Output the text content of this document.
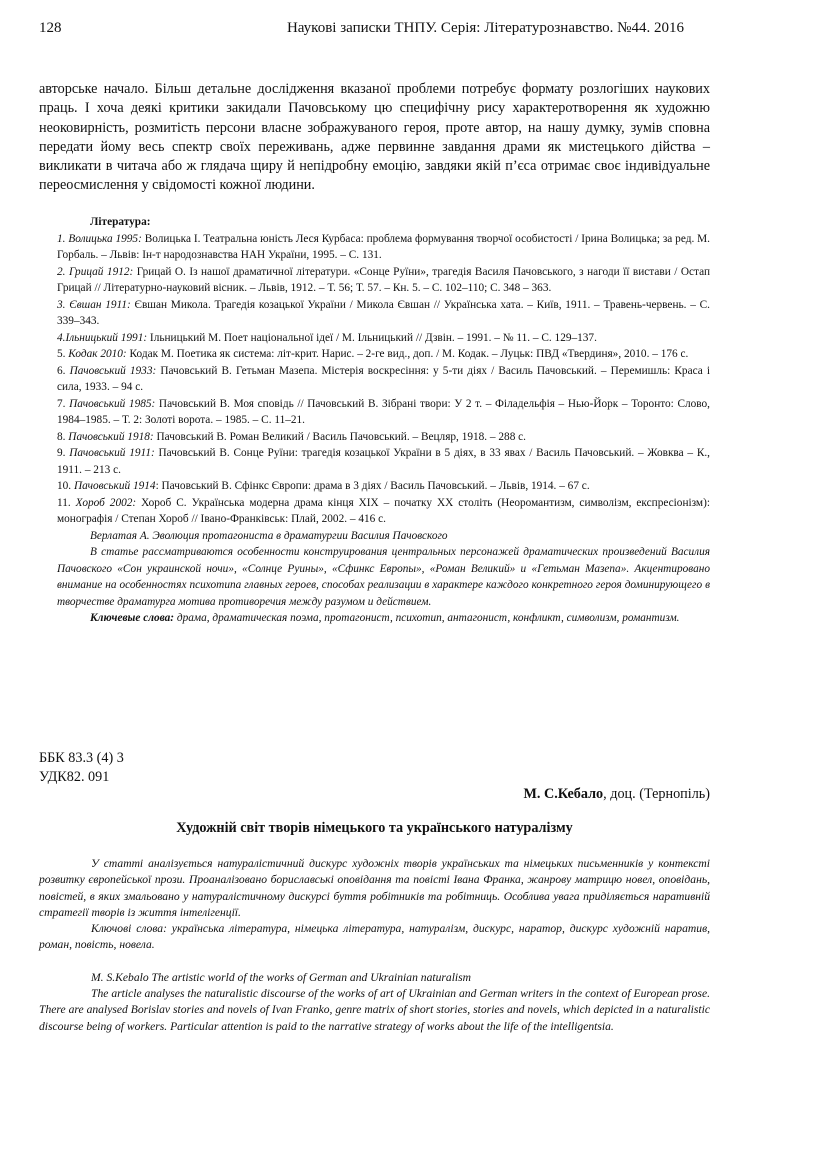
128	Наукові записки ТНПУ. Серія: Літературознавство. №44. 2016

авторське начало. Більш детальне дослідження вказаної проблеми потребує формату розлогіших наукових праць. І хоча деякі критики закидали Пачовському цю специфічну рису характеротворення як художню неоковирність, розмитість персони власне зображуваного героя, проте автор, на нашу думку, зумів сповна передати йому весь спектр своїх переживань, адже первинне завдання драми як мистецького дійства – викликати в читача або ж глядача щиру й непідробну емоцію, завдяки якій п’єса отримає своє індивідуальне переосмислення у свідомості кожної людини.

Література:

1. Волицька 1995: Волицька І. Театральна юність Леся Курбаса: проблема формування творчої особистості / Ірина Волицька; за ред. М. Горбаль. – Львів: Ін-т народознавства НАН України, 1995. – С. 131.

2. Грицай 1912: Грицай О. Із нашої драматичної літератури. «Сонце Руїни», трагедія Василя Пачовського, з нагоди її вистави / Остап Грицай // Літературно-науковий вісник. – Львів, 1912. – Т. 56; Т. 57. – Кн. 5. – С. 102–110; С. 348 – 363.

3. Євшан 1911: Євшан Микола. Трагедія козацької України / Микола Євшан // Українська хата. – Київ, 1911. – Травень-червень. – С. 339–343.

4.Ільницький 1991: Ільницький М. Поет національної ідеї / М. Ільницький // Дзвін. – 1991. – № 11. – С. 129–137.

5. Кодак 2010: Кодак М. Поетика як система: літ-крит. Нарис. – 2-ге вид., доп. / М. Кодак. – Луцьк: ПВД «Твердиня», 2010. – 176 с.

6. Пачовський 1933: Пачовський В. Гетьман Мазепа. Містерія воскресіння: у 5-ти діях / Василь Пачовський. – Перемишль: Краса і сила, 1933. – 94 с.

7. Пачовський 1985: Пачовський В. Моя сповідь // Пачовський В. Зібрані твори: У 2 т. – Філадельфія – Нью-Йорк – Торонто: Слово, 1984–1985. – Т. 2: Золоті ворота. – 1985. – С. 11–21.

8. Пачовський 1918: Пачовський В. Роман Великий / Василь Пачовський. – Вецляр, 1918. – 288 с.

9. Пачовський 1911: Пачовський В. Сонце Руїни: трагедія козацької України в 5 діях, в 33 явах / Василь Пачовський. – Жовква – К., 1911. – 213 с.

10. Пачовський 1914: Пачовський В. Сфінкс Європи: драма в 3 діях / Василь Пачовський. – Львів, 1914. – 67 с.

11. Хороб 2002: Хороб С. Українська модерна драма кінця ХІХ – початку ХХ століть (Неоромантизм, символізм, експресіонізм): монографія / Степан Хороб // Івано-Франківськ: Плай, 2002. – 416 с.

Верлатая А. Эволюция протагониста в драматургии Василия Пачовского

В статье рассматриваются особенности конструирования центральных персонажей драматических произведений Василия Пачовского «Сон украинской ночи», «Солнце Руины», «Сфинкс Европы», «Роман Великий» и «Гетьман Мазепа». Акцентировано внимание на особенностях психотипа главных героев, способах реализации в характере каждого конкретного героя доминирующего в творчестве драматурга мотива противоречия между разумом и действием.

Ключевые слова: драма, драматическая поэма, протагонист, психотип, антагонист, конфликт, символизм, романтизм.

ББК 83.3 (4) 3
УДК82. 091
М. С.Кебало, доц. (Тернопіль)
Художній світ творів німецького та українського натуралізму

У статті аналізується натуралістичний дискурс художніх творів українських та німецьких письменників у контексті розвитку європейської прози. Проаналізовано бориславські оповідання та повісті Івана Франка, жанрову матрицю новел, оповідань, повістей, в яких змальовано у натуралістичному дискурсі буття робітників та робітниць. Особлива увага приділяється наративній стратегії творів із життя інтелігенції.

Ключові слова: українська література, німецька література, натуралізм, дискурс, наратор, дискурс художній наратив, роман, повість, новела.

M. S.Kebalo The artistic world of the works of German and Ukrainian naturalism

The article analyses the naturalistic discourse of the works of art of Ukrainian and German writers in the context of European prose. There are analysed Borislav stories and novels of Ivan Franko, genre matrix of short stories, stories and novels, which depicted in a naturalistic discourse being of workers. Particular attention is paid to the narrative strategy of works about the life of the intelligentsia.
